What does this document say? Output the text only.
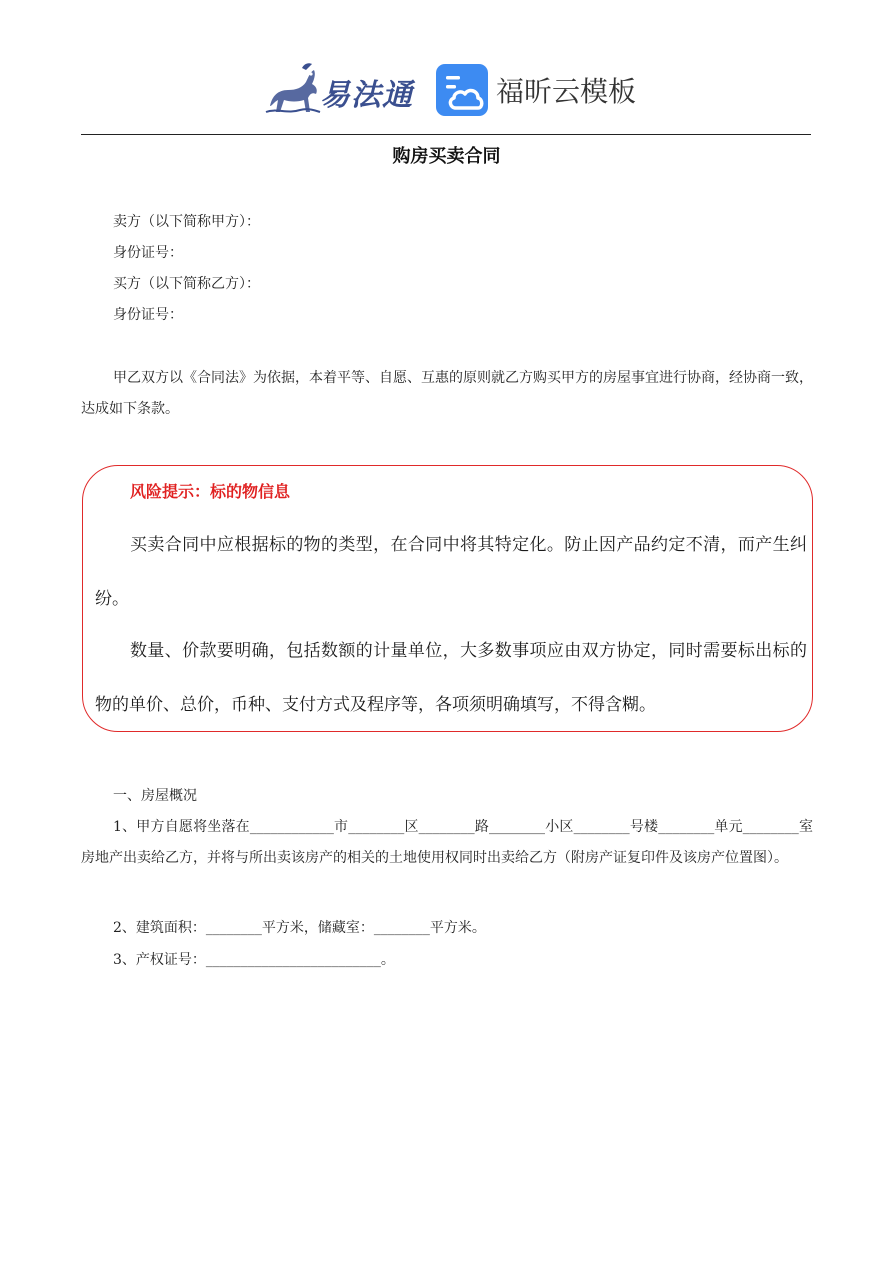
易法通	福昕云模板
购房买卖合同
卖方（以下简称甲方）：
身份证号：
买方（以下简称乙方）：
身份证号：

甲乙双方以《合同法》为依据，本着平等、自愿、互惠的原则就乙方购买甲方的房屋事宜进行协商，经协商一致，达成如下条款。

风险提示：标的物信息

买卖合同中应根据标的物的类型，在合同中将其特定化。防止因产品约定不清，而产生纠纷。

数量、价款要明确，包括数额的计量单位，大多数事项应由双方协定，同时需要标出标的物的单价、总价，币种、支付方式及程序等，各项须明确填写，不得含糊。

一、房屋概况

1、甲方自愿将坐落在____________市________区________路________小区________号楼________单元________室房地产出卖给乙方，并将与所出卖该房产的相关的土地使用权同时出卖给乙方（附房产证复印件及该房产位置图）。

2、建筑面积：________平方米，储藏室：________平方米。

3、产权证号：_________________________。
